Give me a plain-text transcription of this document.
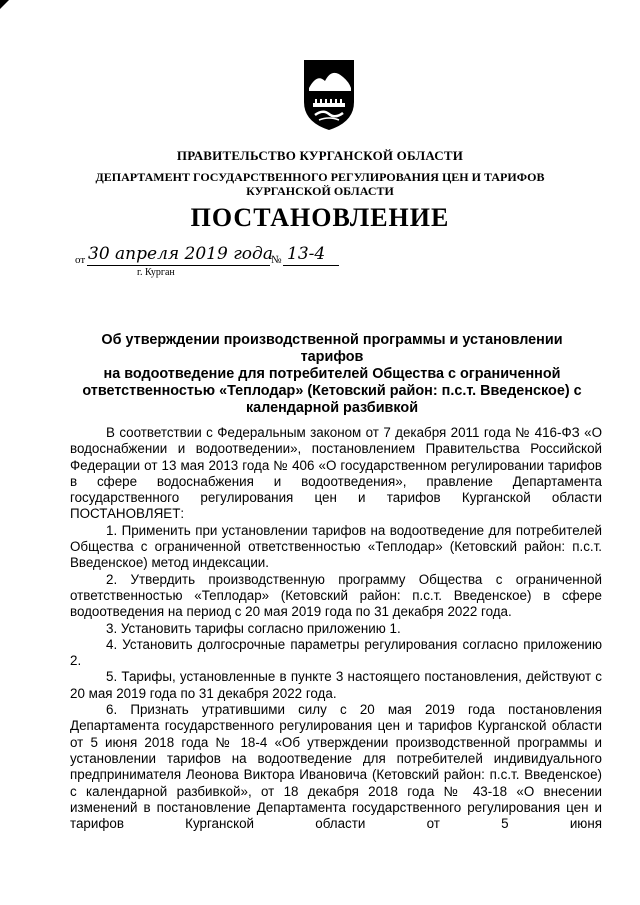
ПРАВИТЕЛЬСТВО КУРГАНСКОЙ ОБЛАСТИ
ДЕПАРТАМЕНТ ГОСУДАРСТВЕННОГО РЕГУЛИРОВАНИЯ ЦЕН И ТАРИФОВ
КУРГАНСКОЙ ОБЛАСТИ
ПОСТАНОВЛЕНИЕ
от 30 апреля 2019 года
№ 13-4
г. Курган
Об утверждении производственной программы и установлении тарифов
на водоотведение для потребителей Общества с ограниченной
ответственностью «Теплодар» (Кетовский район: п.с.т. Введенское) с
календарной разбивкой

В соответствии с Федеральным законом от 7 декабря 2011 года № 416-ФЗ «О водоснабжении и водоотведении», постановлением Правительства Российской Федерации от 13 мая 2013 года № 406 «О государственном регулировании тарифов в сфере водоснабжения и водоотведения», правление Департамента государственного регулирования цен и тарифов Курганской области ПОСТАНОВЛЯЕТ:

1. Применить при установлении тарифов на водоотведение для потребителей Общества с ограниченной ответственностью «Теплодар» (Кетовский район: п.с.т. Введенское) метод индексации.

2. Утвердить производственную программу Общества с ограниченной ответственностью «Теплодар» (Кетовский район: п.с.т. Введенское) в сфере водоотведения на период с 20 мая 2019 года по 31 декабря 2022 года.

3. Установить тарифы согласно приложению 1.

4. Установить долгосрочные параметры регулирования согласно приложению 2.

5. Тарифы, установленные в пункте 3 настоящего постановления, действуют с 20 мая 2019 года по 31 декабря 2022 года.

6. Признать утратившими силу с 20 мая 2019 года постановления Департамента государственного регулирования цен и тарифов Курганской области от 5 июня 2018 года № 18-4 «Об утверждении производственной программы и установлении тарифов на водоотведение для потребителей индивидуального предпринимателя Леонова Виктора Ивановича (Кетовский район: п.с.т. Введенское) с календарной разбивкой», от 18 декабря 2018 года № 43-18 «О внесении изменений в постановление Департамента государственного регулирования цен и тарифов Курганской области от 5 июня
